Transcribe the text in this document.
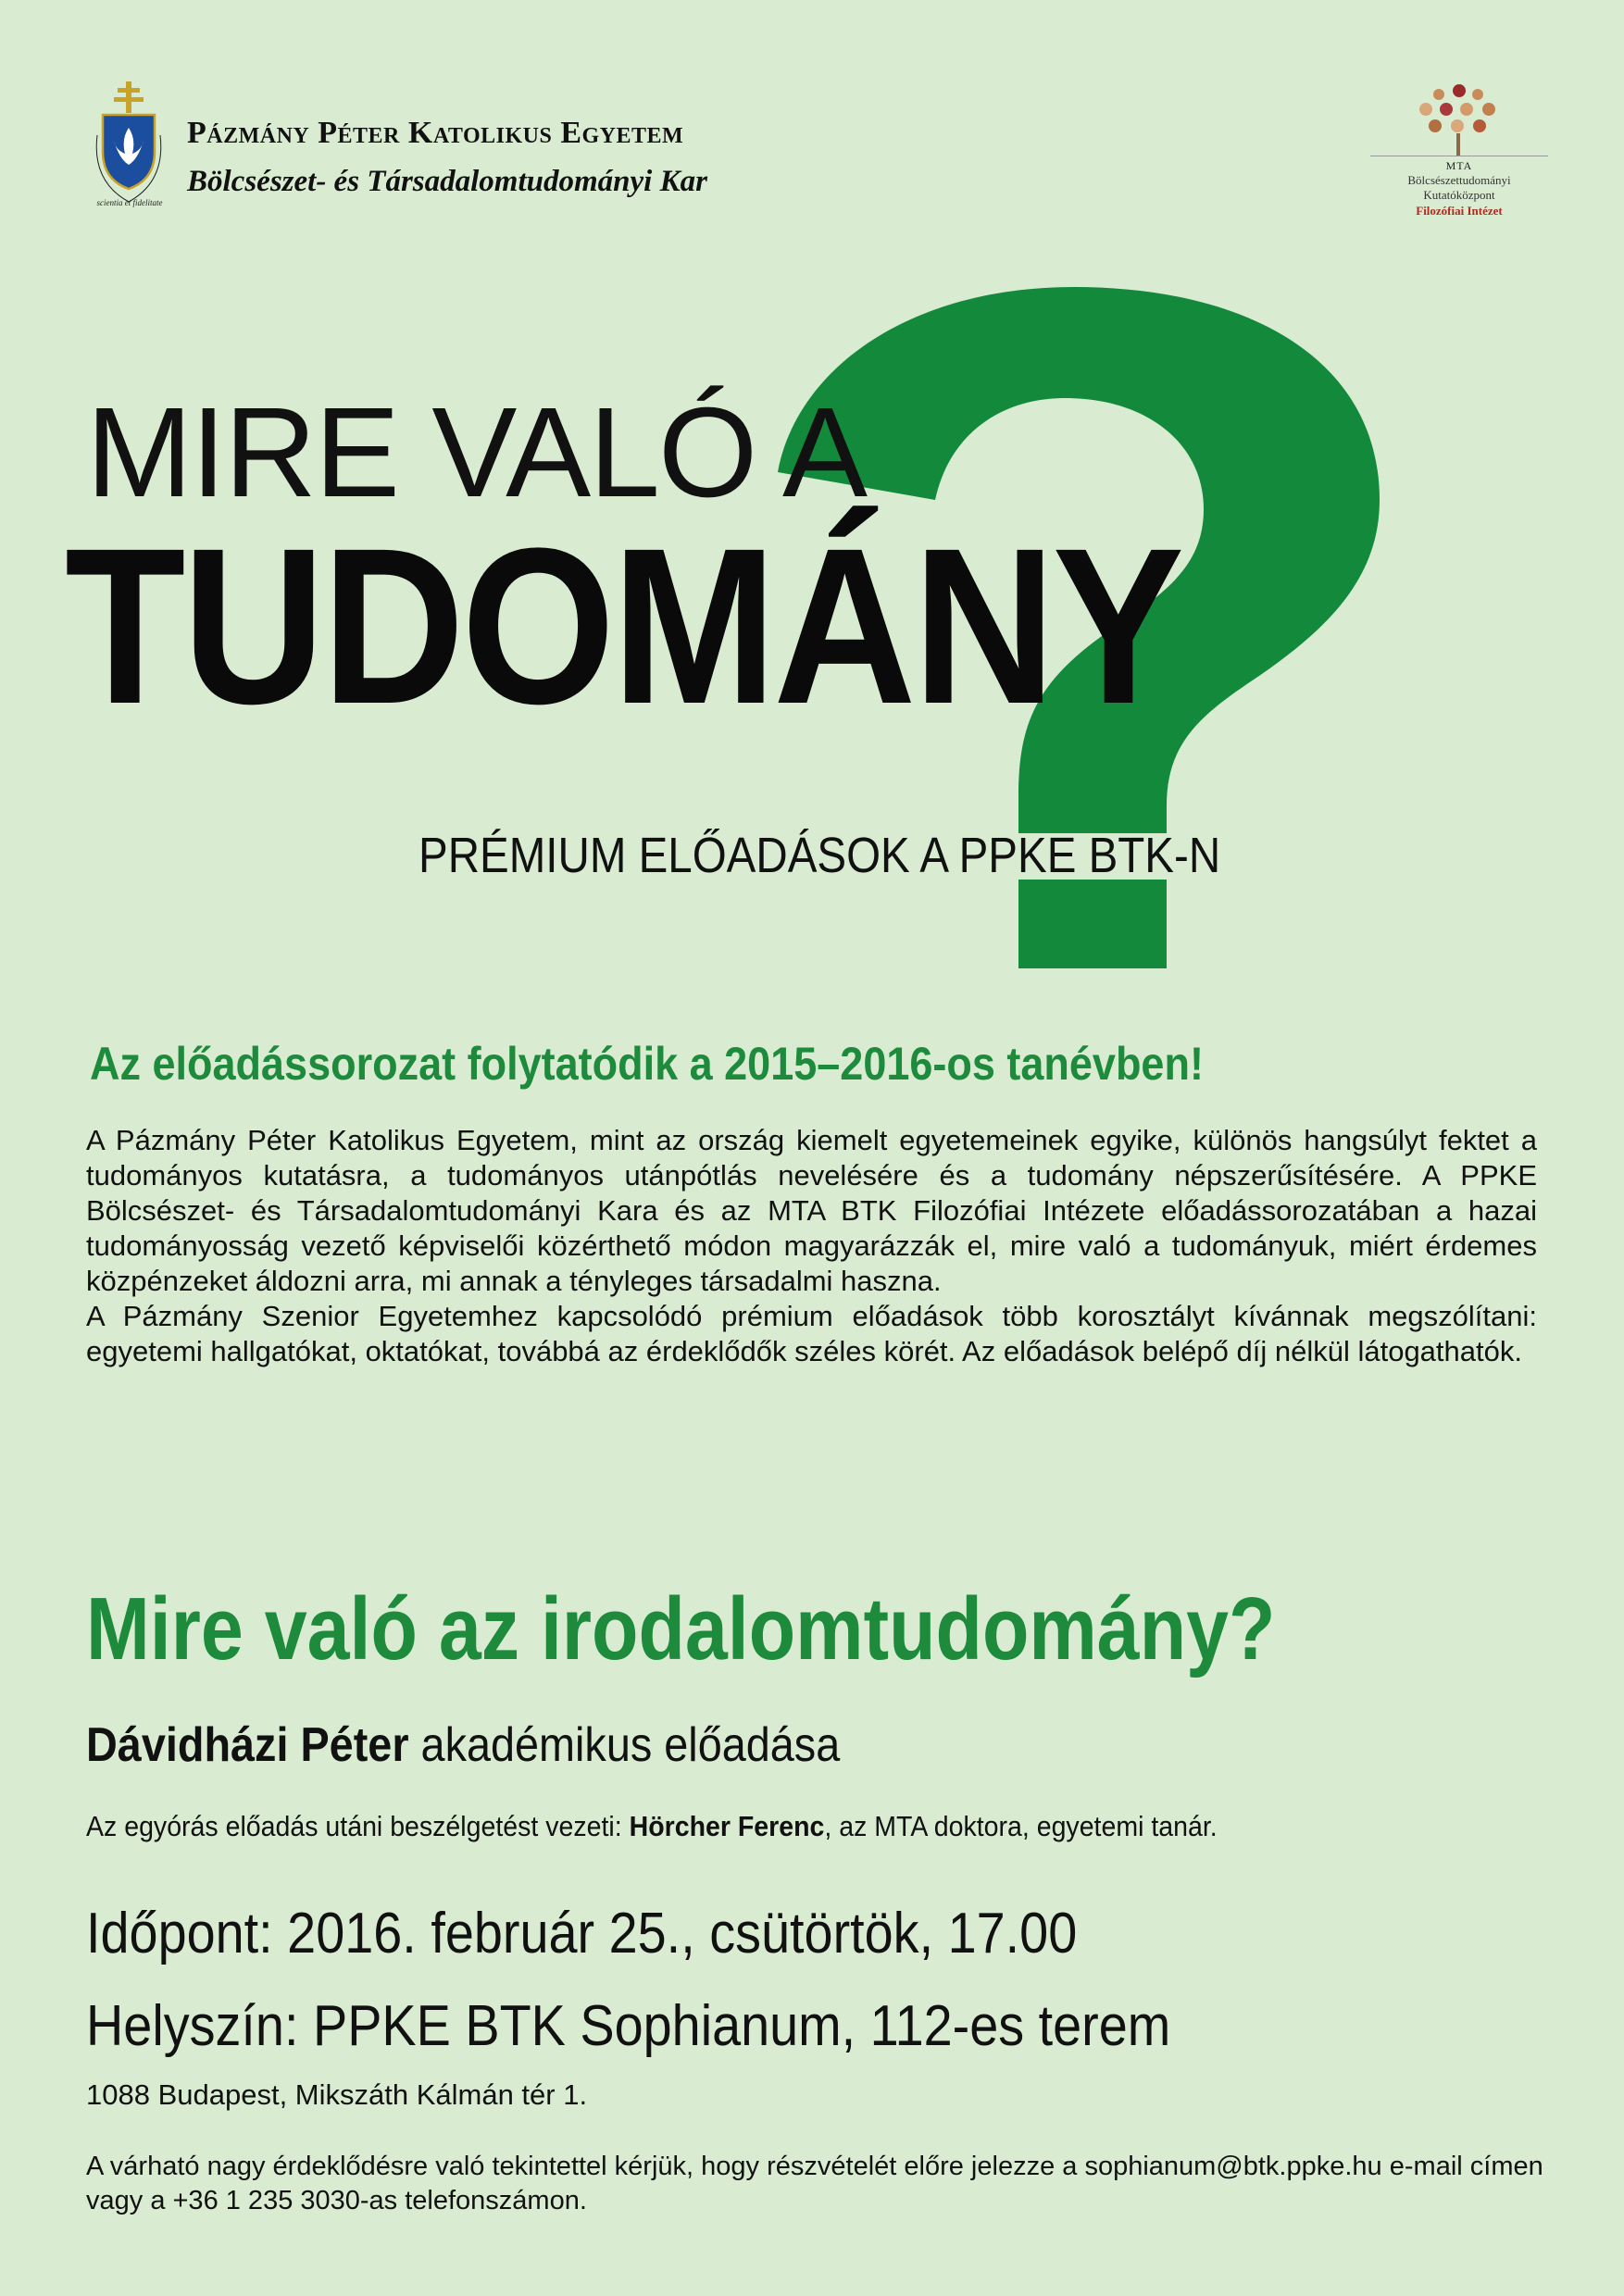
scientia et fidelitate
Pázmány Péter Katolikus Egyetem
Bölcsészet- és Társadalomtudományi Kar	MTA
Bölcsészettudományi
Kutatóközpont
Filozófiai Intézet
MIRE VALÓ A
TUDOMÁNY
PRÉMIUM ELŐADÁSOK A PPKE BTK-N
Az előadássorozat folytatódik a 2015–2016-os tanévben!

A Pázmány Péter Katolikus Egyetem, mint az ország kiemelt egyetemeinek egyike, különös hangsúlyt fektet a tudományos kutatásra, a tudományos utánpótlás nevelésére és a tudomány népszerűsítésére. A PPKE Bölcsészet- és Társadalomtudományi Kara és az MTA BTK Filozófiai Intézete előadássorozatában a hazai tudományosság vezető képviselői közérthető módon magyarázzák el, mire való a tudományuk, miért érdemes közpénzeket áldozni arra, mi annak a tényleges társadalmi haszna.

A Pázmány Szenior Egyetemhez kapcsolódó prémium előadások több korosztályt kívánnak megszólítani: egyetemi hallgatókat, oktatókat, továbbá az érdeklődők széles körét. Az előadások belépő díj nélkül látogathatók.

Mire való az irodalomtudomány?
Dávidházi Péter akadémikus előadása
Az egyórás előadás utáni beszélgetést vezeti: Hörcher Ferenc, az MTA doktora, egyetemi tanár.
Időpont: 2016. február 25., csütörtök, 17.00
Helyszín: PPKE BTK Sophianum, 112-es terem
1088 Budapest, Mikszáth Kálmán tér 1.

A várható nagy érdeklődésre való tekintettel kérjük, hogy részvételét előre jelezze a sophianum@btk.ppke.hu e-mail címen vagy a +36 1 235 3030-as telefonszámon.
